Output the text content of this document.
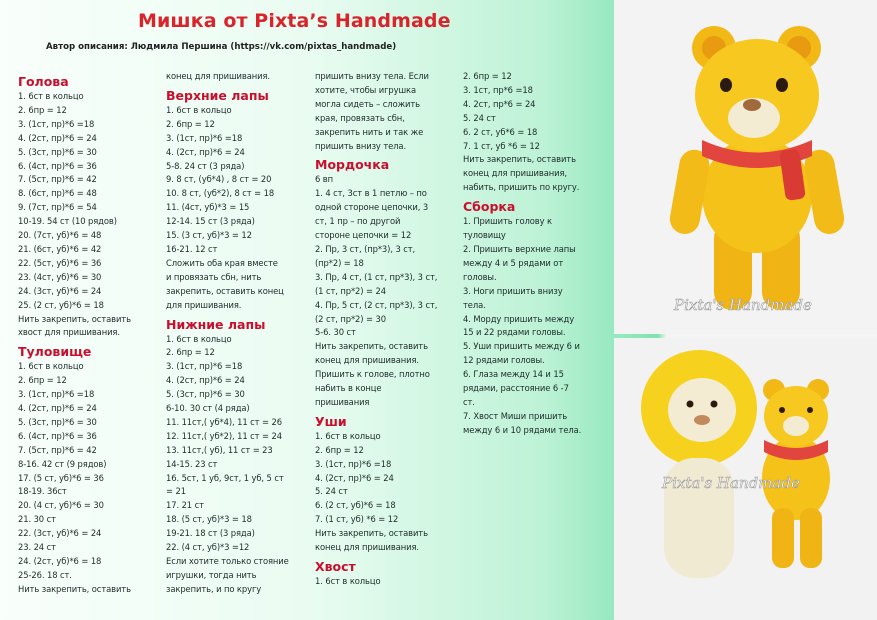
Мишка от Pixta’s Handmade
Автор описания: Людмила Першина (https://vk.com/pixtas_handmade)
Голова
1. 6ст в кольцо
2. 6пр = 12
3. (1ст, пр)*6 =18
4. (2ст, пр)*6 = 24
5. (3ст, пр)*6 = 30
6. (4ст, пр)*6 = 36
7. (5ст, пр)*6 = 42
8. (6ст, пр)*6 = 48
9. (7ст, пр)*6 = 54
10-19. 54 ст (10 рядов)
20. (7ст, уб)*6 = 48
21. (6ст, уб)*6 = 42
22. (5ст, уб)*6 = 36
23. (4ст, уб)*6 = 30
24. (3ст, уб)*6 = 24
25. (2 ст, уб)*6 = 18
Нить закрепить, оставить
хвост для пришивания.
Туловище
1. 6ст в кольцо
2. 6пр = 12
3. (1ст, пр)*6 =18
4. (2ст, пр)*6 = 24
5. (3ст, пр)*6 = 30
6. (4ст, пр)*6 = 36
7. (5ст, пр)*6 = 42
8-16. 42 ст (9 рядов)
17. (5 ст, уб)*6 = 36
18-19. 36ст
20. (4 ст, уб)*6 = 30
21. 30 ст
22. (3ст, уб)*6 = 24
23. 24 ст
24. (2ст, уб)*6 = 18
25-26. 18 ст.
Нить закрепить, оставить
конец для пришивания.
Верхние лапы
1. 6ст в кольцо
2. 6пр = 12
3. (1ст, пр)*6 =18
4. (2ст, пр)*6 = 24
5-8. 24 ст (3 ряда)
9. 8 ст, (уб*4) , 8 ст = 20
10. 8 ст, (уб*2), 8 ст = 18
11. (4ст, уб)*3 = 15
12-14. 15 ст (3 ряда)
15. (3 ст, уб)*3 = 12
16-21. 12 ст
Сложить оба края вместе
и провязать сбн, нить
закрепить, оставить конец
для пришивания.
Нижние лапы
1. 6ст в кольцо
2. 6пр = 12
3. (1ст, пр)*6 =18
4. (2ст, пр)*6 = 24
5. (3ст, пр)*6 = 30
6-10. 30 ст (4 ряда)
11. 11ст,( уб*4), 11 ст = 26
12. 11ст,( уб*2), 11 ст = 24
13. 11ст,( уб), 11 ст = 23
14-15. 23 ст
16. 5ст, 1 уб, 9ст, 1 уб, 5 ст
= 21
17. 21 ст
18. (5 ст, уб)*3 = 18
19-21. 18 ст (3 ряда)
22. (4 ст, уб)*3 =12
Если хотите только стояние
игрушки, тогда нить
закрепить, и по кругу
пришить внизу тела. Если
хотите, чтобы игрушка
могла сидеть – сложить
края, провязать сбн,
закрепить нить и так же
пришить внизу тела.
Мордочка
6 вп
1. 4 ст, 3ст в 1 петлю – по
одной стороне цепочки, 3
ст, 1 пр – по другой
стороне цепочки = 12
2. Пр, 3 ст, (пр*3), 3 ст,
(пр*2) = 18
3. Пр, 4 ст, (1 ст, пр*3), 3 ст,
(1 ст, пр*2) = 24
4. Пр, 5 ст, (2 ст, пр*3), 3 ст,
(2 ст, пр*2) = 30
5-6. 30 ст
Нить закрепить, оставить
конец для пришивания.
Пришить к голове, плотно
набить в конце
пришивания
Уши
1. 6ст в кольцо
2. 6пр = 12
3. (1ст, пр)*6 =18
4. (2ст, пр)*6 = 24
5. 24 ст
6. (2 ст, уб)*6 = 18
7. (1 ст, уб) *6 = 12
Нить закрепить, оставить
конец для пришивания.
Хвост
1. 6ст в кольцо
2. 6пр = 12
3. 1ст, пр*6 =18
4. 2ст, пр*6 = 24
5. 24 ст
6. 2 ст, уб*6 = 18
7. 1 ст, уб *6 = 12
Нить закрепить, оставить
конец для пришивания,
набить, пришить по кругу.
Сборка
1. Пришить голову к
туловищу
2. Пришить верхние лапы
между 4 и 5 рядами от
головы.
3. Ноги пришить внизу
тела.
4. Морду пришить между
15 и 22 рядами головы.
5. Уши пришить между 6 и
12 рядами головы.
6. Глаза между 14 и 15
рядами, расстояние 6 -7
ст.
7. Хвост Миши пришить
между 6 и 10 рядами тела.
Pixta's Handmade
Pixta's Handmade
